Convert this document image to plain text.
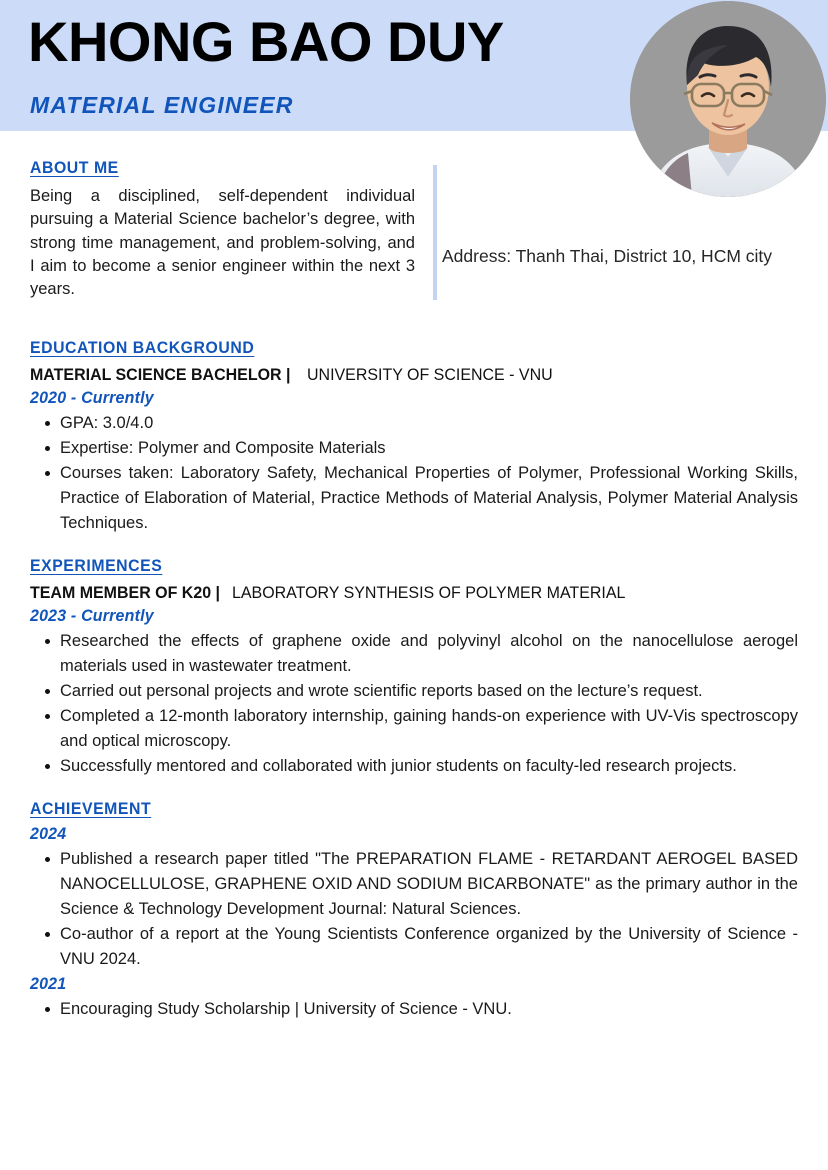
KHONG BAO DUY
MATERIAL ENGINEER
ABOUT ME
Being a disciplined, self-dependent individual pursuing a Material Science bachelor’s degree, with strong time management, and problem-solving, and I aim to become a senior engineer within the next 3 years.
Address: Thanh Thai, District 10, HCM city
EDUCATION BACKGROUND

MATERIAL SCIENCE BACHELOR |UNIVERSITY OF SCIENCE - VNU

2020 - Currently
GPA: 3.0/4.0
Expertise: Polymer and Composite Materials
Courses taken: Laboratory Safety, Mechanical Properties of Polymer, Professional Working Skills, Practice of Elaboration of Material, Practice Methods of Material Analysis, Polymer Material Analysis Techniques.
EXPERIMENCES

TEAM MEMBER OF K20 |LABORATORY SYNTHESIS OF POLYMER MATERIAL

2023 - Currently
Researched the effects of graphene oxide and polyvinyl alcohol on the nanocellulose aerogel materials used in wastewater treatment.
Carried out personal projects and wrote scientific reports based on the lecture’s request.
Completed a 12-month laboratory internship, gaining hands-on experience with UV-Vis spectroscopy and optical microscopy.
Successfully mentored and collaborated with junior students on faculty-led research projects.
ACHIEVEMENT
2024
Published a research paper titled "The PREPARATION FLAME - RETARDANT AEROGEL BASED NANOCELLULOSE, GRAPHENE OXID AND SODIUM BICARBONATE" as the primary author in the Science & Technology Development Journal: Natural Sciences.
Co-author of a report at the Young Scientists Conference organized by the University of Science - VNU 2024.
2021
Encouraging Study Scholarship | University of Science - VNU.
